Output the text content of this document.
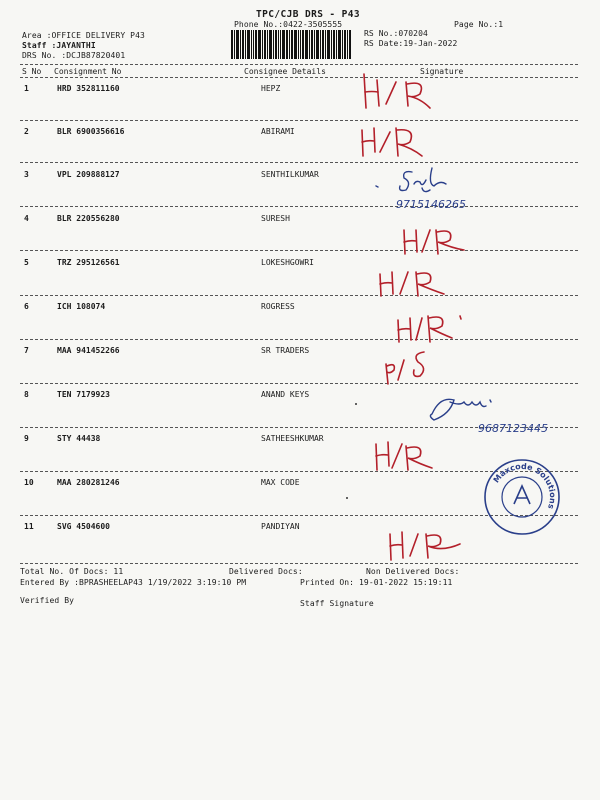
TPC/CJB DRS - P43
Phone No.:0422-3505555	Page No.:1
Area :OFFICE DELIVERY P43
Staff :JAYANTHI
DRS No. :DCJB87820401
RS No.:070204
RS Date:19-Jan-2022
S No Consignment No	Consignee Details	Signature
1	HRD 352811160	HEPZ
2	BLR 6900356616	ABIRAMI
3	VPL 209888127	SENTHILKUMAR
4	BLR 220556280	SURESH
5	TRZ 295126561	LOKESHGOWRI
6	ICH 108074	ROGRESS
7	MAA 941452266	SR TRADERS
8	TEN 7179923	ANAND KEYS
9	STY 44438	SATHEESHKUMAR
10	MAA 280281246	MAX CODE
11	SVG 4504600	PANDIYAN
9715146265
9687123445
Maxcode Solutions
Total No. Of Docs: 11	Delivered Docs:	Non Delivered Docs:
Entered By :BPRASHEELAP43 1/19/2022 3:19:10 PM	Printed On: 19-01-2022 15:19:11
Verified By	Staff Signature
